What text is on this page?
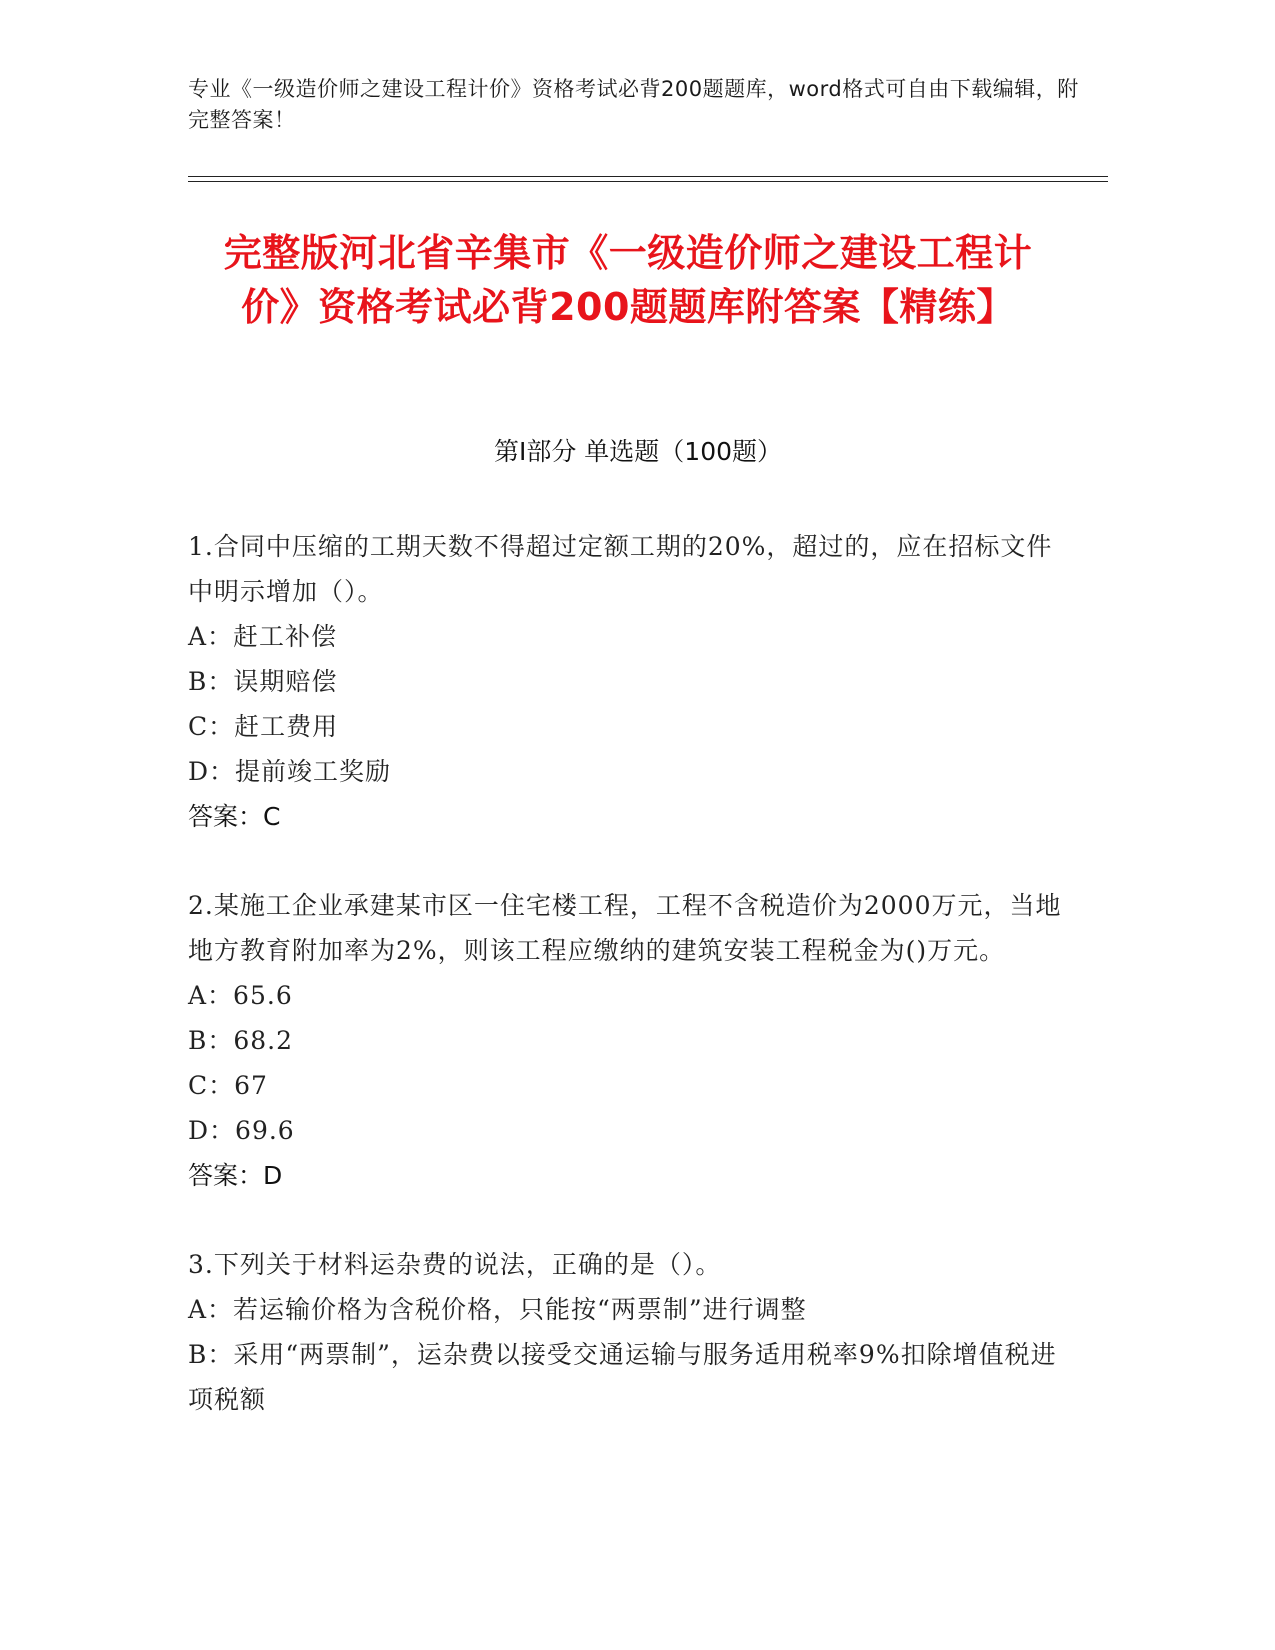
专业《一级造价师之建设工程计价》资格考试必背200题题库，word格式可自由下载编辑，附完整答案！
完整版河北省辛集市《一级造价师之建设工程计价》资格考试必背200题题库附答案【精练】
第I部分 单选题（100题）
1.合同中压缩的工期天数不得超过定额工期的20%，超过的，应在招标文件中明示增加（）。
A：赶工补偿
B：误期赔偿
C：赶工费用
D：提前竣工奖励
答案：C
2.某施工企业承建某市区一住宅楼工程，工程不含税造价为2000万元，当地地方教育附加率为2%，则该工程应缴纳的建筑安装工程税金为()万元。
A：65.6
B：68.2
C：67
D：69.6
答案：D
3.下列关于材料运杂费的说法，正确的是（）。
A：若运输价格为含税价格，只能按“两票制”进行调整
B：采用“两票制”，运杂费以接受交通运输与服务适用税率9%扣除增值税进项税额
